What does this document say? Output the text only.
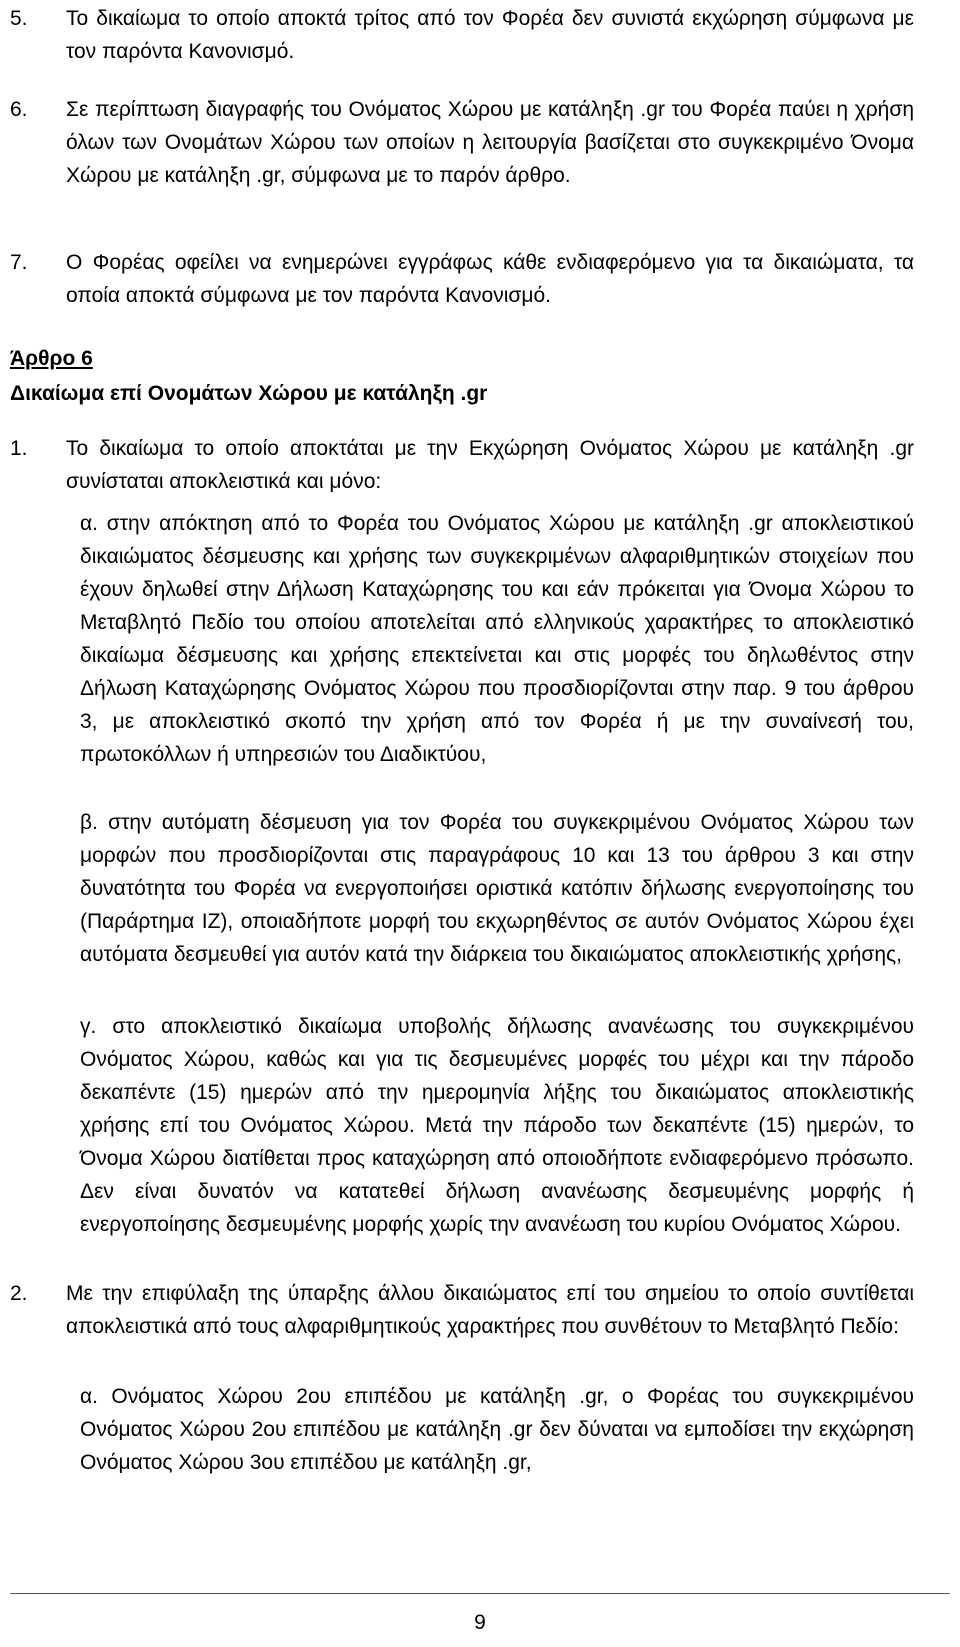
5. Το δικαίωμα το οποίο αποκτά τρίτος από τον Φορέα δεν συνιστά εκχώρηση σύμφωνα με τον παρόντα Κανονισμό.
6. Σε περίπτωση διαγραφής του Ονόματος Χώρου με κατάληξη .gr του Φορέα παύει η χρήση όλων των Ονομάτων Χώρου των οποίων η λειτουργία βασίζεται στο συγκεκριμένο Όνομα Χώρου με κατάληξη .gr, σύμφωνα με το παρόν άρθρο.
7. Ο Φορέας οφείλει να ενημερώνει εγγράφως κάθε ενδιαφερόμενο για τα δικαιώματα, τα οποία αποκτά σύμφωνα με τον παρόντα Κανονισμό.
Άρθρο 6
Δικαίωμα επί Ονομάτων Χώρου με κατάληξη .gr
1. Το δικαίωμα το οποίο αποκτάται με την Εκχώρηση Ονόματος Χώρου με κατάληξη .gr συνίσταται αποκλειστικά και μόνο:
α. στην απόκτηση από το Φορέα του Ονόματος Χώρου με κατάληξη .gr αποκλειστικού δικαιώματος δέσμευσης και χρήσης των συγκεκριμένων αλφαριθμητικών στοιχείων που έχουν δηλωθεί στην Δήλωση Καταχώρησης του και εάν πρόκειται για Όνομα Χώρου το Μεταβλητό Πεδίο του οποίου αποτελείται από ελληνικούς χαρακτήρες το αποκλειστικό δικαίωμα δέσμευσης και χρήσης επεκτείνεται και στις μορφές του δηλωθέντος στην Δήλωση Καταχώρησης Ονόματος Χώρου που προσδιορίζονται στην παρ. 9 του άρθρου 3, με αποκλειστικό σκοπό την χρήση από τον Φορέα ή με την συναίνεσή του, πρωτοκόλλων ή υπηρεσιών του Διαδικτύου,
β. στην αυτόματη δέσμευση για τον Φορέα του συγκεκριμένου Ονόματος Χώρου των μορφών που προσδιορίζονται στις παραγράφους 10 και 13 του άρθρου 3 και στην δυνατότητα του Φορέα να ενεργοποιήσει οριστικά κατόπιν δήλωσης ενεργοποίησης του (Παράρτημα ΙΖ), οποιαδήποτε μορφή του εκχωρηθέντος σε αυτόν Ονόματος Χώρου έχει αυτόματα δεσμευθεί για αυτόν κατά την διάρκεια του δικαιώματος αποκλειστικής χρήσης,
γ. στο αποκλειστικό δικαίωμα υποβολής δήλωσης ανανέωσης του συγκεκριμένου Ονόματος Χώρου, καθώς και για τις δεσμευμένες μορφές του μέχρι και την πάροδο δεκαπέντε (15) ημερών από την ημερομηνία λήξης του δικαιώματος αποκλειστικής χρήσης επί του Ονόματος Χώρου. Μετά την πάροδο των δεκαπέντε (15) ημερών, το Όνομα Χώρου διατίθεται προς καταχώρηση από οποιοδήποτε ενδιαφερόμενο πρόσωπο. Δεν είναι δυνατόν να κατατεθεί δήλωση ανανέωσης δεσμευμένης μορφής ή ενεργοποίησης δεσμευμένης μορφής χωρίς την ανανέωση του κυρίου Ονόματος Χώρου.
2. Με την επιφύλαξη της ύπαρξης άλλου δικαιώματος επί του σημείου το οποίο συντίθεται αποκλειστικά από τους αλφαριθμητικούς χαρακτήρες που συνθέτουν το Μεταβλητό Πεδίο:
α. Ονόματος Χώρου 2ου επιπέδου με κατάληξη .gr, ο Φορέας του συγκεκριμένου Ονόματος Χώρου 2ου επιπέδου με κατάληξη .gr δεν δύναται να εμποδίσει την εκχώρηση Ονόματος Χώρου 3ου επιπέδου με κατάληξη .gr,
9
